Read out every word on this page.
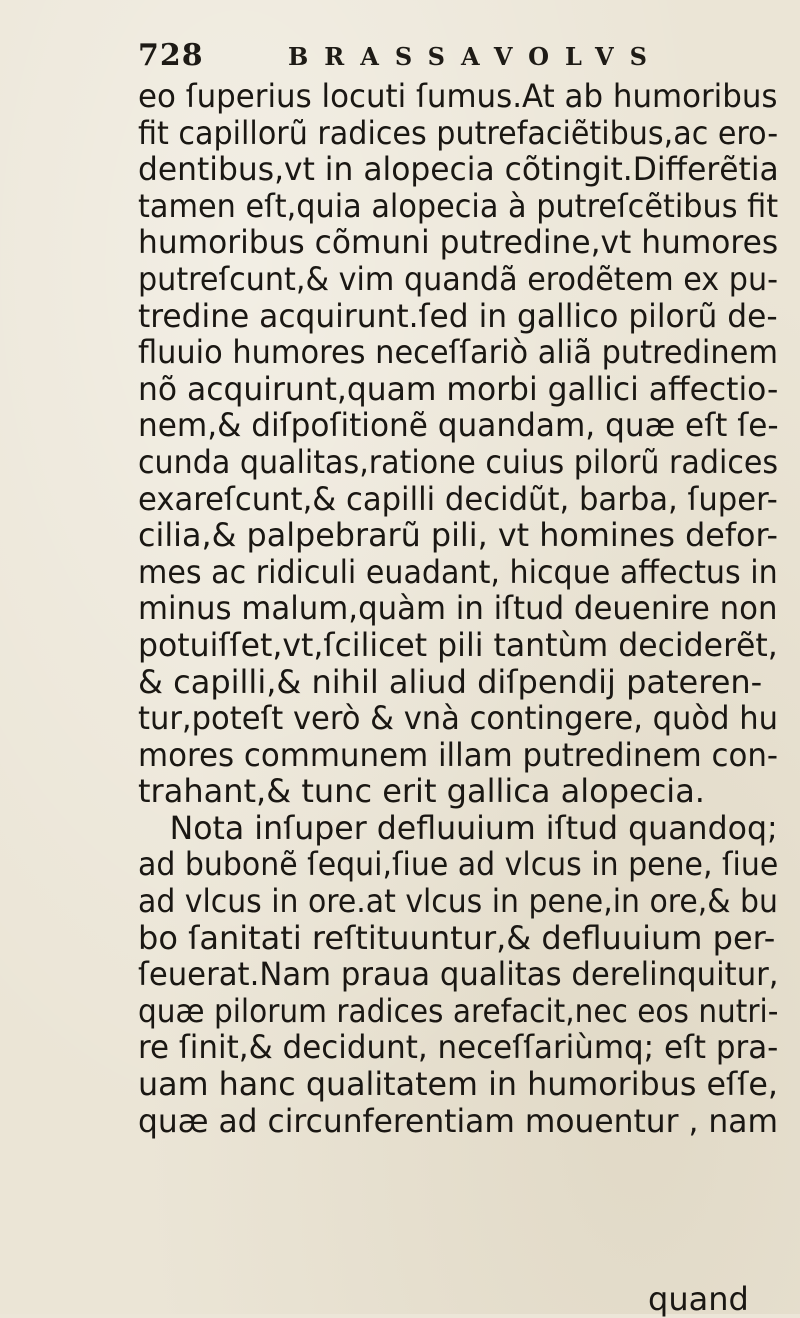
728	BRASSAVOLVS
eo ſuperius locuti ſumus.At ab humoribus
fit capillorũ radices putrefaciẽtibus,ac ero-
dentibus,vt in alopecia cõtingit.Differẽtia
tamen eſt,quia alopecia à putreſcẽtibus fit
humoribus cõmuni putredine,vt humores
putreſcunt,& vim quandã erodẽtem ex pu-
tredine acquirunt.ſed in gallico pilorũ de-
fluuio humores neceſſariò aliã putredinem
nõ acquirunt,quam morbi gallici affectio-
nem,& diſpoſitionẽ quandam, quæ eſt ſe-
cunda qualitas,ratione cuius pilorũ radices
exareſcunt,& capilli decidũt, barba, ſuper-
cilia,& palpebrarũ pili, vt homines defor-
mes ac ridiculi euadant, hicque affectus in
minus malum,quàm in iſtud deuenire non
potuiſſet,vt,ſcilicet pili tantùm deciderẽt,
& capilli,& nihil aliud diſpendij pateren-
tur,poteſt verò & vnà contingere, quòd hu
mores communem illam putredinem con-
trahant,& tunc erit gallica alopecia.
Nota inſuper defluuium iſtud quandoq;
ad bubonẽ ſequi,ſiue ad vlcus in pene, ſiue
ad vlcus in ore.at vlcus in pene,in ore,& bu
bo ſanitati reſtituuntur,& defluuium per-
ſeuerat.Nam praua qualitas derelinquitur,
quæ pilorum radices arefacit,nec eos nutri-
re ſinit,& decidunt, neceſſariùmq; eſt pra-
uam hanc qualitatem in humoribus eſſe,
quæ ad circunferentiam mouentur , nam
quand
